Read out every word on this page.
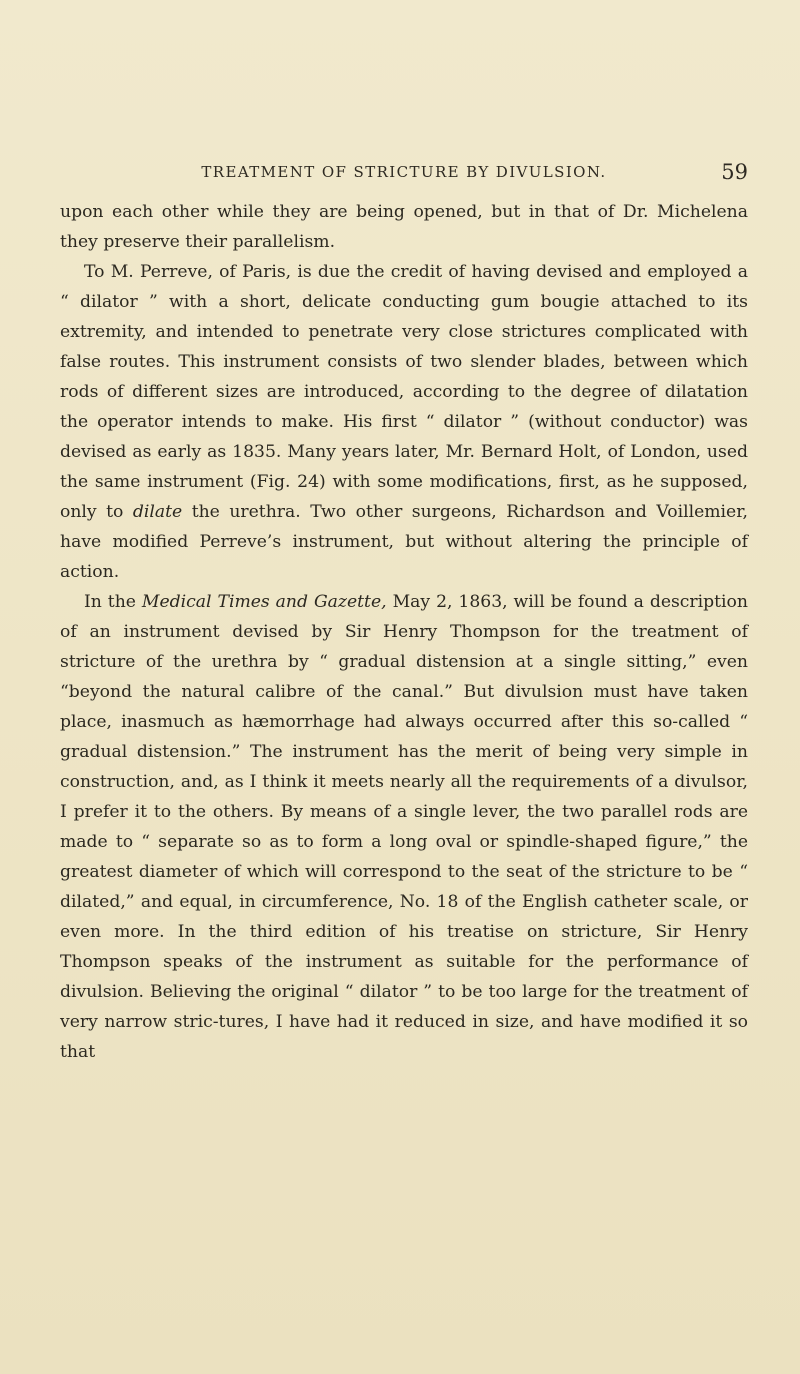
TREATMENT OF STRICTURE BY DIVULSION.	59

upon each other while they are being opened, but in that of Dr. Michelena they preserve their parallelism.

To M. Perreve, of Paris, is due the credit of having devised and employed a “ dilator ” with a short, delicate conducting gum bougie attached to its extremity, and intended to penetrate very close strictures complicated with false routes. This instrument consists of two slender blades, between which rods of different sizes are introduced, according to the degree of dilatation the operator intends to make. His first “ dilator ” (without conductor) was devised as early as 1835. Many years later, Mr. Bernard Holt, of London, used the same instrument (Fig. 24) with some modifications, first, as he supposed, only to dilate the urethra. Two other surgeons, Richardson and Voillemier, have modified Perreve’s instrument, but without altering the principle of action.

In the Medical Times and Gazette, May 2, 1863, will be found a description of an instrument devised by Sir Henry Thompson for the treatment of stricture of the urethra by “ gradual distension at a single sitting,” even “beyond the natural calibre of the canal.” But divulsion must have taken place, inasmuch as hæmorrhage had always occurred after this so-called “ gradual distension.” The instrument has the merit of being very simple in construction, and, as I think it meets nearly all the requirements of a divulsor, I prefer it to the others. By means of a single lever, the two parallel rods are made to “ separate so as to form a long oval or spindle-shaped figure,” the greatest diameter of which will correspond to the seat of the stricture to be “ dilated,” and equal, in circumference, No. 18 of the English catheter scale, or even more. In the third edition of his treatise on stricture, Sir Henry Thompson speaks of the instrument as suitable for the performance of divulsion. Believing the original “ dilator ” to be too large for the treatment of very narrow stric-tures, I have had it reduced in size, and have modified it so that
